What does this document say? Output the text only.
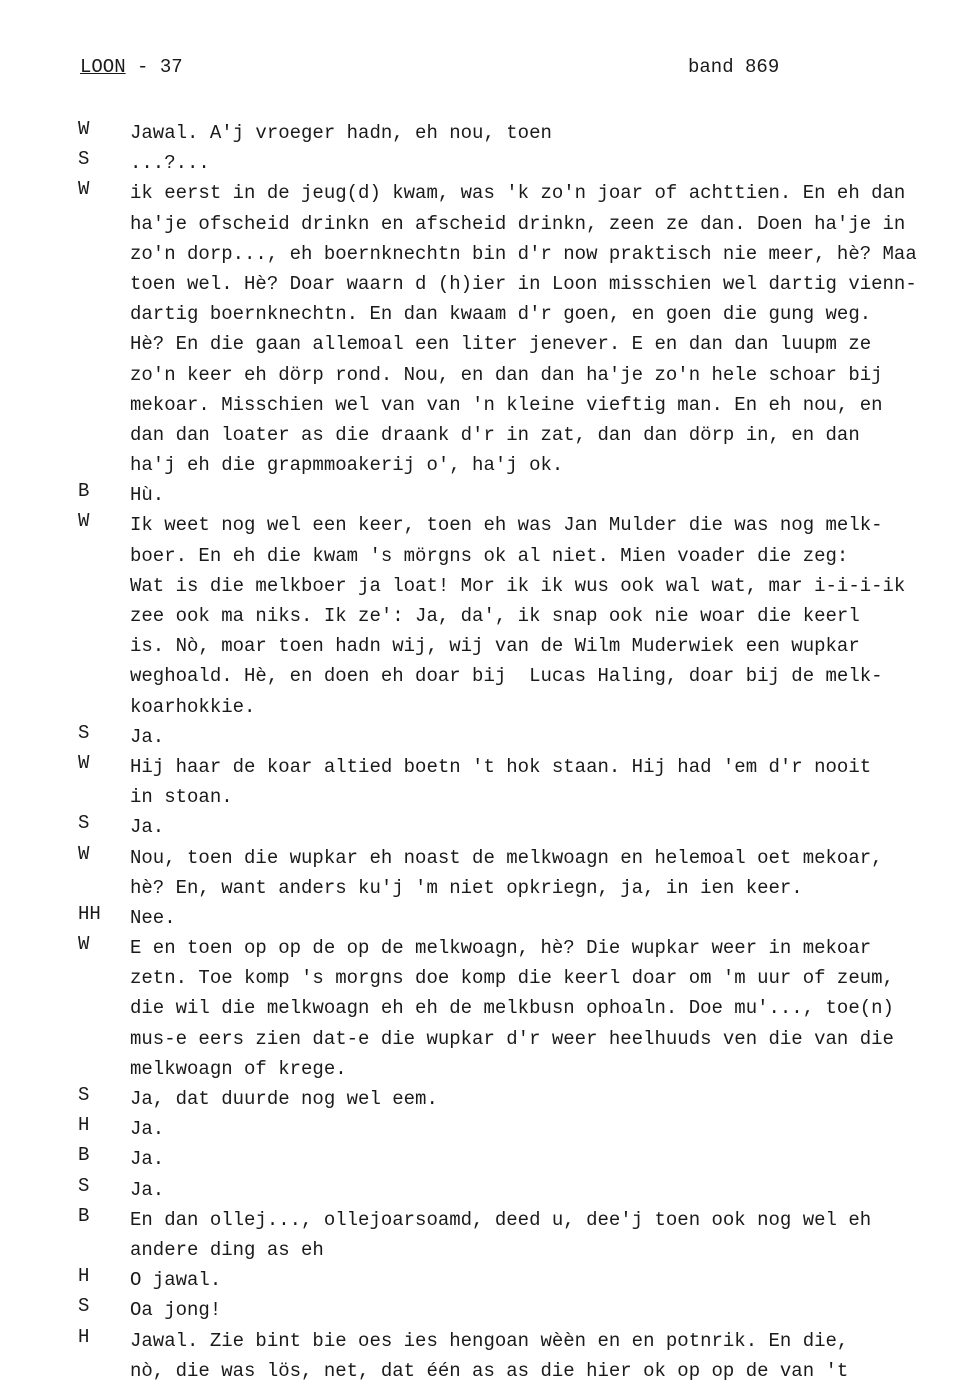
LOON - 37	band 869
W	Jawal. A'j vroeger hadn, eh nou, toen
S	...?...
W	ik eerst in de jeug(d) kwam, was 'k zo'n joar of achttien. En eh dan
ha'je ofscheid drinkn en afscheid drinkn, zeen ze dan. Doen ha'je in
zo'n dorp..., eh boernknechtn bin d'r now praktisch nie meer, hè? Maa
toen wel. Hè? Doar waarn d (h)ier in Loon misschien wel dartig vienn-
dartig boernknechtn. En dan kwaam d'r goen, en goen die gung weg.
Hè? En die gaan allemoal een liter jenever. E en dan dan luupm ze
zo'n keer eh dörp rond. Nou, en dan dan ha'je zo'n hele schoar bij
mekoar. Misschien wel van van 'n kleine vieftig man. En eh nou, en
dan dan loater as die draank d'r in zat, dan dan dörp in, en dan
ha'j eh die grapmmoakerij o', ha'j ok.
B	Hù.
W	Ik weet nog wel een keer, toen eh was Jan Mulder die was nog melk-
boer. En eh die kwam 's mörgns ok al niet. Mien voader die zeg:
Wat is die melkboer ja loat! Mor ik ik wus ook wal wat, mar i-i-i-ik
zee ook ma niks. Ik ze': Ja, da', ik snap ook nie woar die keerl
is. Nò, moar toen hadn wij, wij van de Wilm Muderwiek een wupkar
weghoald. Hè, en doen eh doar bij  Lucas Haling, doar bij de melk-
koarhokkie.
S	Ja.
W	Hij haar de koar altied boetn 't hok staan. Hij had 'em d'r nooit
in stoan.
S	Ja.
W	Nou, toen die wupkar eh noast de melkwoagn en helemoal oet mekoar,
hè? En, want anders ku'j 'm niet opkriegn, ja, in ien keer.
HH	Nee.
W	E en toen op op de op de melkwoagn, hè? Die wupkar weer in mekoar
zetn. Toe komp 's morgns doe komp die keerl doar om 'm uur of zeum,
die wil die melkwoagn eh eh de melkbusn ophoaln. Doe mu'..., toe(n)
mus-e eers zien dat-e die wupkar d'r weer heelhuuds ven die van die
melkwoagn of krege.
S	Ja, dat duurde nog wel eem.
H	Ja.
B	Ja.
S	Ja.
B	En dan ollej..., ollejoarsoamd, deed u, dee'j toen ook nog wel eh
andere ding as eh
H	O jawal.
S	Oa jong!
H	Jawal. Zie bint bie oes ies hengoan wèèn en en potnrik. En die,
nò, die was lös, net, dat één as as die hier ok op op de van 't
